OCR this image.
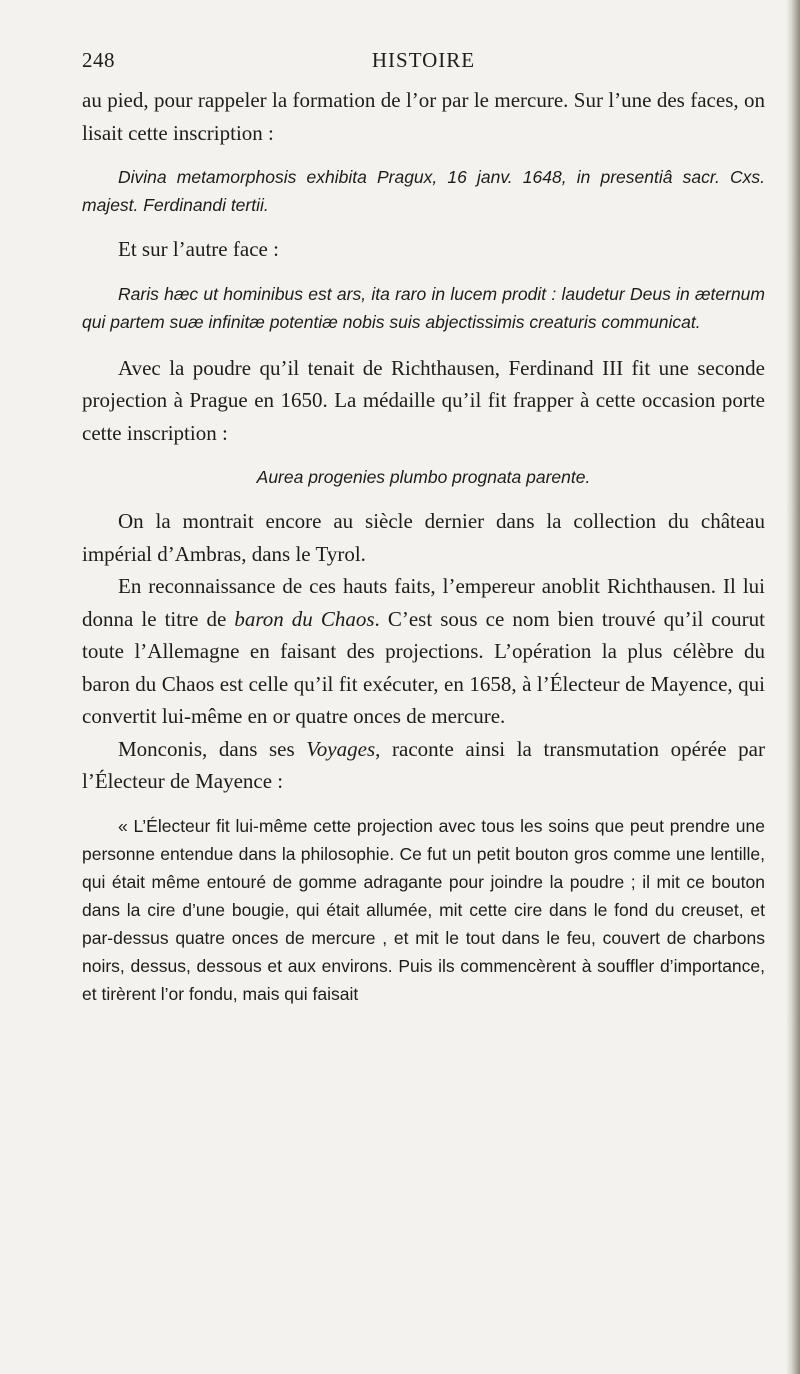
248	HISTOIRE

au pied, pour rappeler la formation de l’or par le mercure. Sur l’une des faces, on lisait cette inscription :

Divina metamorphosis exhibita Pragux, 16 janv. 1648, in presentiâ sacr. Cxs. majest. Ferdinandi tertii.

Et sur l’autre face :

Raris hæc ut hominibus est ars, ita raro in lucem prodit : laudetur Deus in æternum qui partem suæ infinitæ potentiæ nobis suis abjectissimis creaturis communicat.

Avec la poudre qu’il tenait de Richthausen, Ferdinand III fit une seconde projection à Prague en 1650. La médaille qu’il fit frapper à cette occasion porte cette inscription :

Aurea progenies plumbo prognata parente.

On la montrait encore au siècle dernier dans la collection du château impérial d’Ambras, dans le Tyrol.

En reconnaissance de ces hauts faits, l’empereur anoblit Richthausen. Il lui donna le titre de baron du Chaos. C’est sous ce nom bien trouvé qu’il courut toute l’Allemagne en faisant des projections. L’opération la plus célèbre du baron du Chaos est celle qu’il fit exécuter, en 1658, à l’Électeur de Mayence, qui convertit lui-même en or quatre onces de mercure.

Monconis, dans ses Voyages, raconte ainsi la transmutation opérée par l’Électeur de Mayence :

« L’Électeur fit lui-même cette projection avec tous les soins que peut prendre une personne entendue dans la philosophie. Ce fut un petit bouton gros comme une lentille, qui était même entouré de gomme adragante pour joindre la poudre ; il mit ce bouton dans la cire d’une bougie, qui était allumée, mit cette cire dans le fond du creuset, et par-dessus quatre onces de mercure , et mit le tout dans le feu, couvert de charbons noirs, dessus, dessous et aux environs. Puis ils commencèrent à souffler d’importance, et tirèrent l’or fondu, mais qui faisait
